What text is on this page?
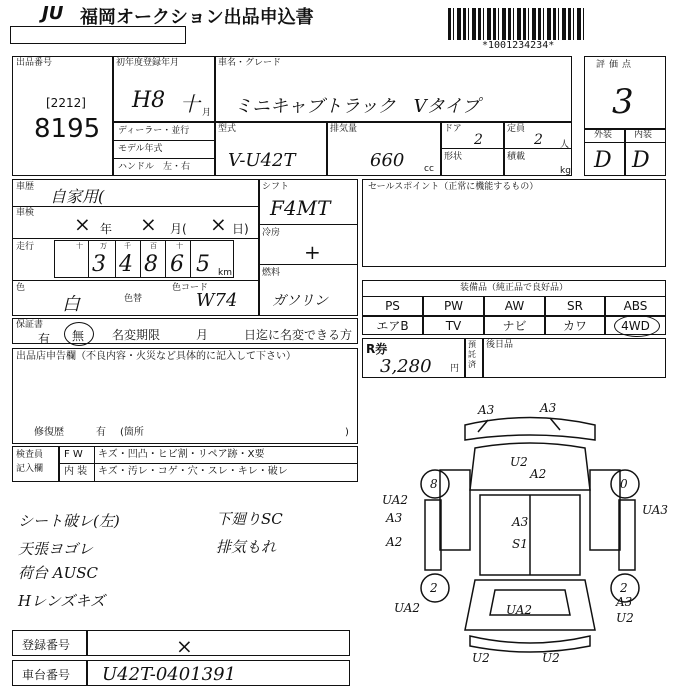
JU 福岡オークション出品申込書
*1001234234*
出品番号
[2212]
8195
初年度登録年月
H8 十 月
ディーラー・並行
モデル年式
ハンドル　左・右
車名・グレード
ミニキャブトラック　Vタイプ
型式
V-U42T
排気量
660 cc
ドア
2
定員
2 人
形状	積載
kg
評価点
3
外装 内装
D D
車歴 自家用(
車検 × 年 × 月( × 日)
走行	十 万 千	百	十
3 4 8 6 5 km
色
白	色替
色コード
W74
シフト
F4MT
冷房
+
燃料
ガソリン
セールスポイント（正常に機能するもの）
装備品（純正品で良好品）
PS	PW	AW	SR	ABS
エアB	TV	ナビ	カワ	4WD
保証書
有 無 名変期限	月	日迄に名変できる方
R券
3,280 円
預託済
後日品
出品店申告欄（不良内容・火災など具体的に記入して下さい）
修復歴	有 (箇所	)
検査員
記入欄
F W キズ・凹凸・ヒビ割・リペア跡・X要
内 装 キズ・汚レ・コゲ・穴・スレ・キレ・破レ
シート破レ(左)
天張ヨゴレ
荷台 AUSC
Hレンズキズ
下廻りSC
排気もれ
登録番号	×
車台番号 U42T-0401391
A3	A3
U2
A2
UA2
A3
A2
UA3
A3
S1
UA2	UA2
A3
U2
U2	U2
8	0
2	2
